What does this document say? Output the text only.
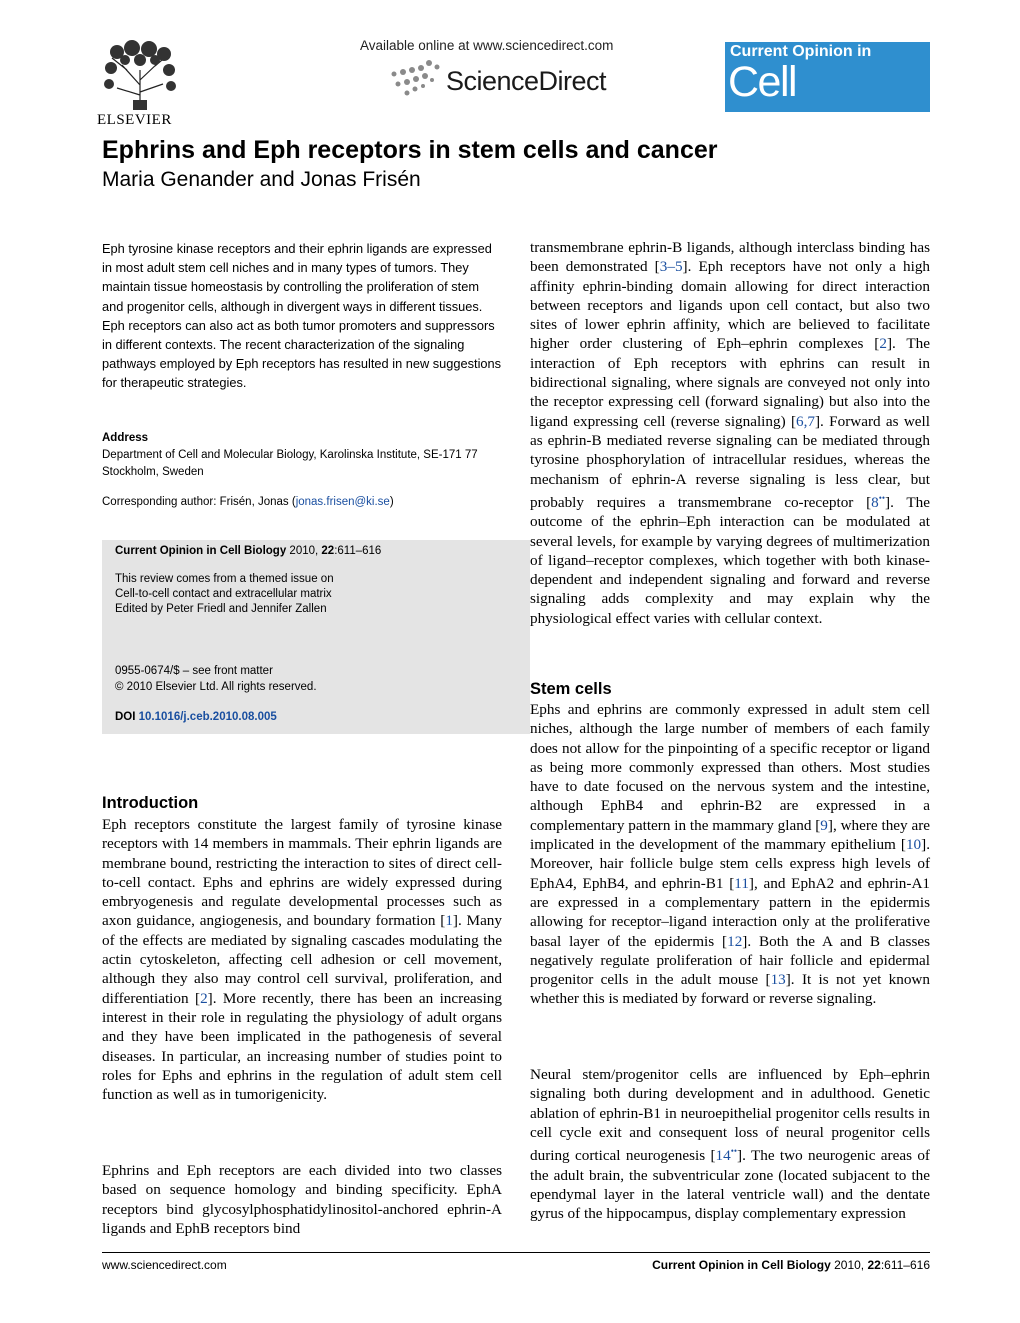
ELSEVIER
Available online at www.sciencedirect.com
ScienceDirect
Current Opinion in
Cell Biology
Ephrins and Eph receptors in stem cells and cancer
Maria Genander and Jonas Frisén
Eph tyrosine kinase receptors and their ephrin ligands are expressed in most adult stem cell niches and in many types of tumors. They maintain tissue homeostasis by controlling the proliferation of stem and progenitor cells, although in divergent ways in different tissues. Eph receptors can also act as both tumor promoters and suppressors in different contexts. The recent characterization of the signaling pathways employed by Eph receptors has resulted in new suggestions for therapeutic strategies.
Address
Department of Cell and Molecular Biology, Karolinska Institute, SE-171 77 Stockholm, Sweden
Corresponding author: Frisén, Jonas (jonas.frisen@ki.se)
Current Opinion in Cell Biology 2010, 22:611–616
This review comes from a themed issue on
Cell-to-cell contact and extracellular matrix
Edited by Peter Friedl and Jennifer Zallen
0955-0674/$ – see front matter
© 2010 Elsevier Ltd. All rights reserved.
DOI 10.1016/j.ceb.2010.08.005
Introduction
Eph receptors constitute the largest family of tyrosine kinase receptors with 14 members in mammals. Their ephrin ligands are membrane bound, restricting the interaction to sites of direct cell-to-cell contact. Ephs and ephrins are widely expressed during embryogenesis and regulate developmental processes such as axon guidance, angiogenesis, and boundary formation [1]. Many of the effects are mediated by signaling cascades modulating the actin cytoskeleton, affecting cell adhesion or cell movement, although they also may control cell survival, proliferation, and differentiation [2]. More recently, there has been an increasing interest in their role in regulating the physiology of adult organs and they have been implicated in the pathogenesis of several diseases. In particular, an increasing number of studies point to roles for Ephs and ephrins in the regulation of adult stem cell function as well as in tumorigenicity.
Ephrins and Eph receptors are each divided into two classes based on sequence homology and binding specificity. EphA receptors bind glycosylphosphatidylinositol-anchored ephrin-A ligands and EphB receptors bind
transmembrane ephrin-B ligands, although interclass binding has been demonstrated [3–5]. Eph receptors have not only a high affinity ephrin-binding domain allowing for direct interaction between receptors and ligands upon cell contact, but also two sites of lower ephrin affinity, which are believed to facilitate higher order clustering of Eph–ephrin complexes [2]. The interaction of Eph receptors with ephrins can result in bidirectional signaling, where signals are conveyed not only into the receptor expressing cell (forward signaling) but also into the ligand expressing cell (reverse signaling) [6,7]. Forward as well as ephrin-B mediated reverse signaling can be mediated through tyrosine phosphorylation of intracellular residues, whereas the mechanism of ephrin-A reverse signaling is less clear, but probably requires a transmembrane co-receptor [8••]. The outcome of the ephrin–Eph interaction can be modulated at several levels, for example by varying degrees of multimerization of ligand–receptor complexes, which together with both kinase-dependent and independent signaling and forward and reverse signaling adds complexity and may explain why the physiological effect varies with cellular context.
Stem cells
Ephs and ephrins are commonly expressed in adult stem cell niches, although the large number of members of each family does not allow for the pinpointing of a specific receptor or ligand as being more commonly expressed than others. Most studies have to date focused on the nervous system and the intestine, although EphB4 and ephrin-B2 are expressed in a complementary pattern in the mammary gland [9], where they are implicated in the development of the mammary epithelium [10]. Moreover, hair follicle bulge stem cells express high levels of EphA4, EphB4, and ephrin-B1 [11], and EphA2 and ephrin-A1 are expressed in a complementary pattern in the epidermis allowing for receptor–ligand interaction only at the proliferative basal layer of the epidermis [12]. Both the A and B classes negatively regulate proliferation of hair follicle and epidermal progenitor cells in the adult mouse [13]. It is not yet known whether this is mediated by forward or reverse signaling.
Neural stem/progenitor cells are influenced by Eph–ephrin signaling both during development and in adulthood. Genetic ablation of ephrin-B1 in neuroepithelial progenitor cells results in cell cycle exit and consequent loss of neural progenitor cells during cortical neurogenesis [14••]. The two neurogenic areas of the adult brain, the subventricular zone (located subjacent to the ependymal layer in the lateral ventricle wall) and the dentate gyrus of the hippocampus, display complementary expression
www.sciencedirect.com	Current Opinion in Cell Biology 2010, 22:611–616
